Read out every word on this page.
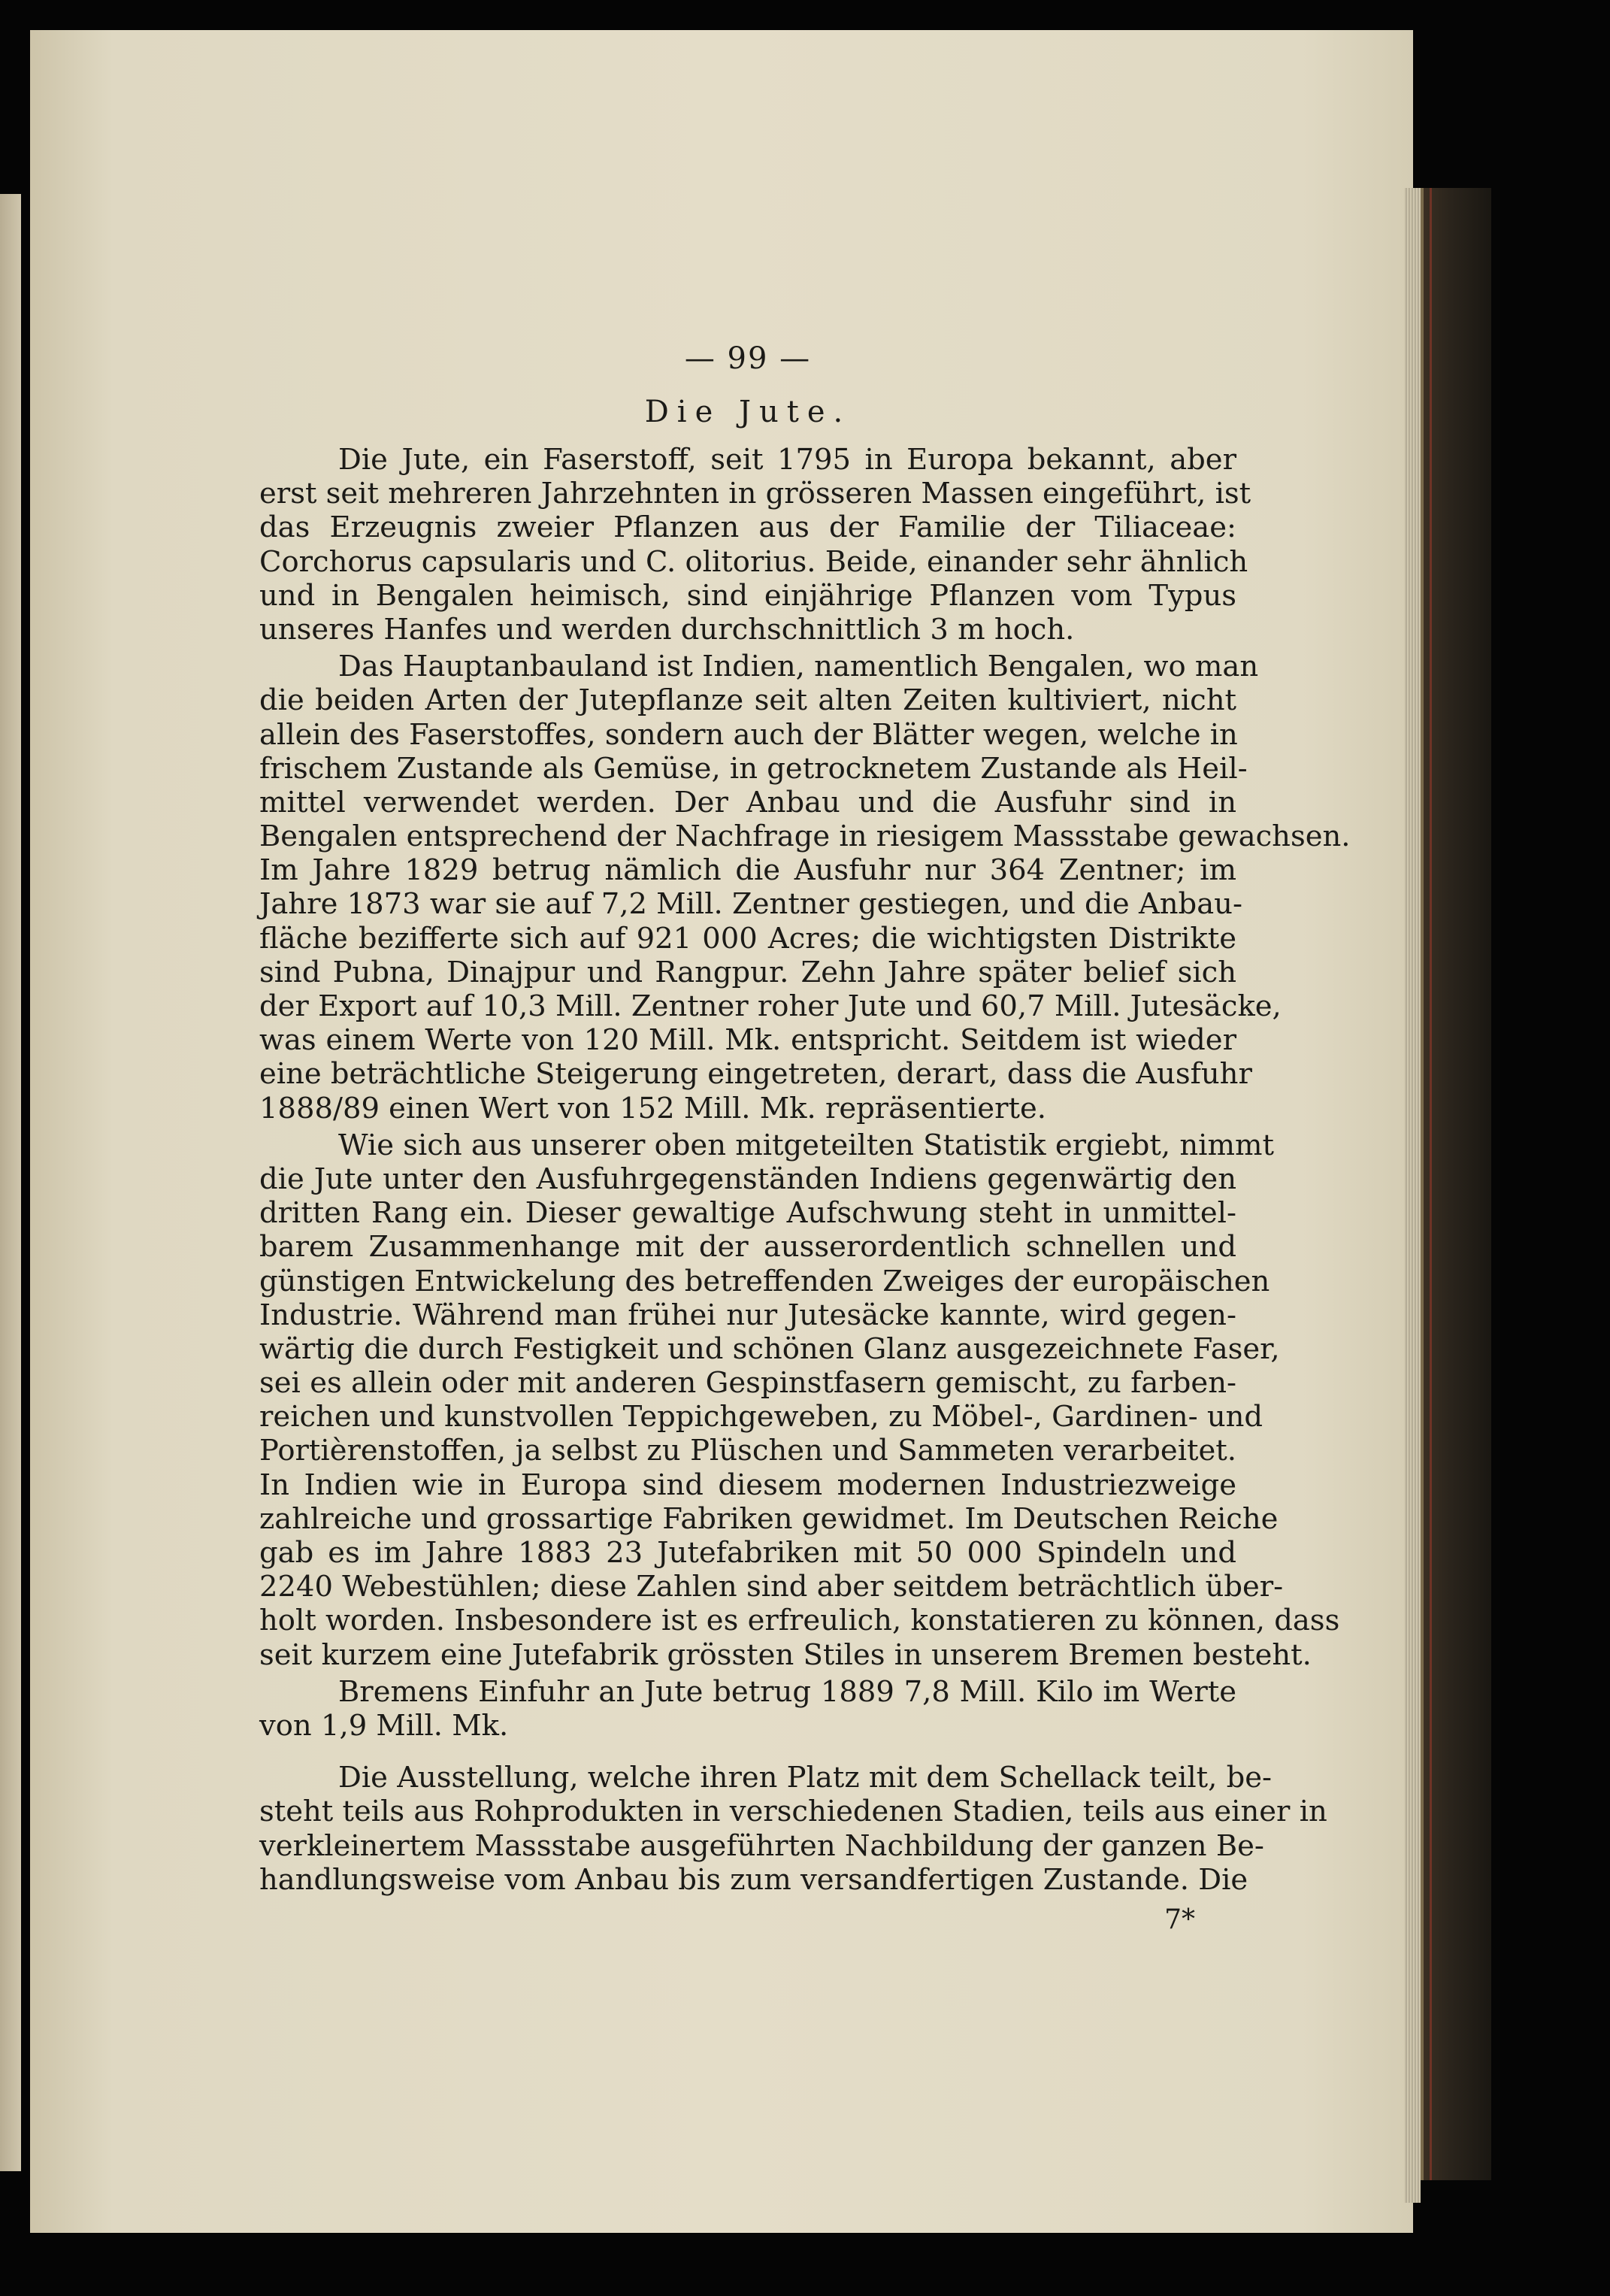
— 99 —
Die Jute.
Die Jute, ein Faserstoff, seit 1795 in Europa bekannt, aber
erst seit mehreren Jahrzehnten in grösseren Massen eingeführt, ist
das Erzeugnis zweier Pflanzen aus der Familie der Tiliaceae:
Corchorus capsularis und C. olitorius. Beide, einander sehr ähnlich
und in Bengalen heimisch, sind einjährige Pflanzen vom Typus
unseres Hanfes und werden durchschnittlich 3 m hoch.
Das Hauptanbauland ist Indien, namentlich Bengalen, wo man
die beiden Arten der Jutepflanze seit alten Zeiten kultiviert, nicht
allein des Faserstoffes, sondern auch der Blätter wegen, welche in
frischem Zustande als Gemüse, in getrocknetem Zustande als Heil-
mittel verwendet werden. Der Anbau und die Ausfuhr sind in
Bengalen entsprechend der Nachfrage in riesigem Massstabe gewachsen.
Im Jahre 1829 betrug nämlich die Ausfuhr nur 364 Zentner; im
Jahre 1873 war sie auf 7,2 Mill. Zentner gestiegen, und die Anbau-
fläche bezifferte sich auf 921 000 Acres; die wichtigsten Distrikte
sind Pubna, Dinajpur und Rangpur. Zehn Jahre später belief sich
der Export auf 10,3 Mill. Zentner roher Jute und 60,7 Mill. Jutesäcke,
was einem Werte von 120 Mill. Mk. entspricht. Seitdem ist wieder
eine beträchtliche Steigerung eingetreten, derart, dass die Ausfuhr
1888/89 einen Wert von 152 Mill. Mk. repräsentierte.
Wie sich aus unserer oben mitgeteilten Statistik ergiebt, nimmt
die Jute unter den Ausfuhrgegenständen Indiens gegenwärtig den
dritten Rang ein. Dieser gewaltige Aufschwung steht in unmittel-
barem Zusammenhange mit der ausserordentlich schnellen und
günstigen Entwickelung des betreffenden Zweiges der europäischen
Industrie. Während man frühei nur Jutesäcke kannte, wird gegen-
wärtig die durch Festigkeit und schönen Glanz ausgezeichnete Faser,
sei es allein oder mit anderen Gespinstfasern gemischt, zu farben-
reichen und kunstvollen Teppichgeweben, zu Möbel-, Gardinen- und
Portièrenstoffen, ja selbst zu Plüschen und Sammeten verarbeitet.
In Indien wie in Europa sind diesem modernen Industriezweige
zahlreiche und grossartige Fabriken gewidmet. Im Deutschen Reiche
gab es im Jahre 1883 23 Jutefabriken mit 50 000 Spindeln und
2240 Webestühlen; diese Zahlen sind aber seitdem beträchtlich über-
holt worden. Insbesondere ist es erfreulich, konstatieren zu können, dass
seit kurzem eine Jutefabrik grössten Stiles in unserem Bremen besteht.
Bremens Einfuhr an Jute betrug 1889 7,8 Mill. Kilo im Werte
von 1,9 Mill. Mk.
Die Ausstellung, welche ihren Platz mit dem Schellack teilt, be-
steht teils aus Rohprodukten in verschiedenen Stadien, teils aus einer in
verkleinertem Massstabe ausgeführten Nachbildung der ganzen Be-
handlungsweise vom Anbau bis zum versandfertigen Zustande. Die
7*
